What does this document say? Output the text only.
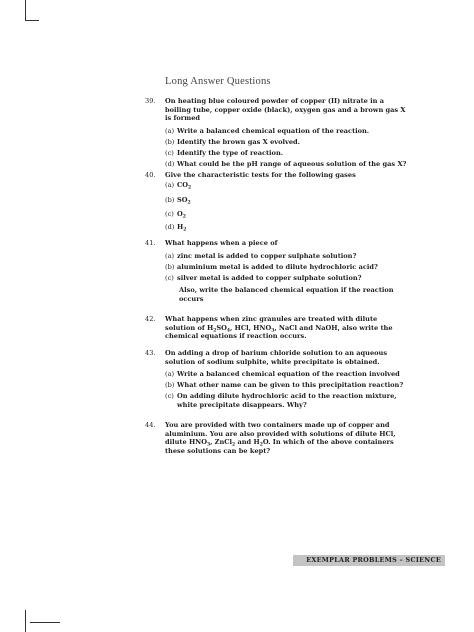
Long Answer Questions
39. On heating blue coloured powder of copper (II) nitrate in a boiling tube, copper oxide (black), oxygen gas and a brown gas X is formed
(a) Write a balanced chemical equation of the reaction.
(b) Identify the brown gas X evolved.
(c) Identify the type of reaction.
(d) What could be the pH range of aqueous solution of the gas X?
40. Give the characteristic tests for the following gases
(a) $CO_2$
(b) $SO_2$
(c) $O_2$
(d) $H_2$
41. What happens when a piece of
(a) zinc metal is added to copper sulphate solution?
(b) aluminium metal is added to dilute hydrochloric acid?
(c) silver metal is added to copper sulphate solution?
Also, write the balanced chemical equation if the reaction occurs
42. What happens when zinc granules are treated with dilute solution of $H_2SO_4$, HCl, $HNO_3$, NaCl and NaOH, also write the chemical equations if reaction occurs.
43. On adding a drop of barium chloride solution to an aqueous solution of sodium sulphite, white precipitate is obtained.
(a) Write a balanced chemical equation of the reaction involved
(b) What other name can be given to this precipitation reaction?
(c) On adding dilute hydrochloric acid to the reaction mixture, white precipitate disappears. Why?
44. You are provided with two containers made up of copper and aluminium. You are also provided with solutions of dilute HCl, dilute $HNO_3$, ZnCl$_2$ and $H_2O$. In which of the above containers these solutions can be kept?
EXEMPLAR PROBLEMS – SCIENCE
